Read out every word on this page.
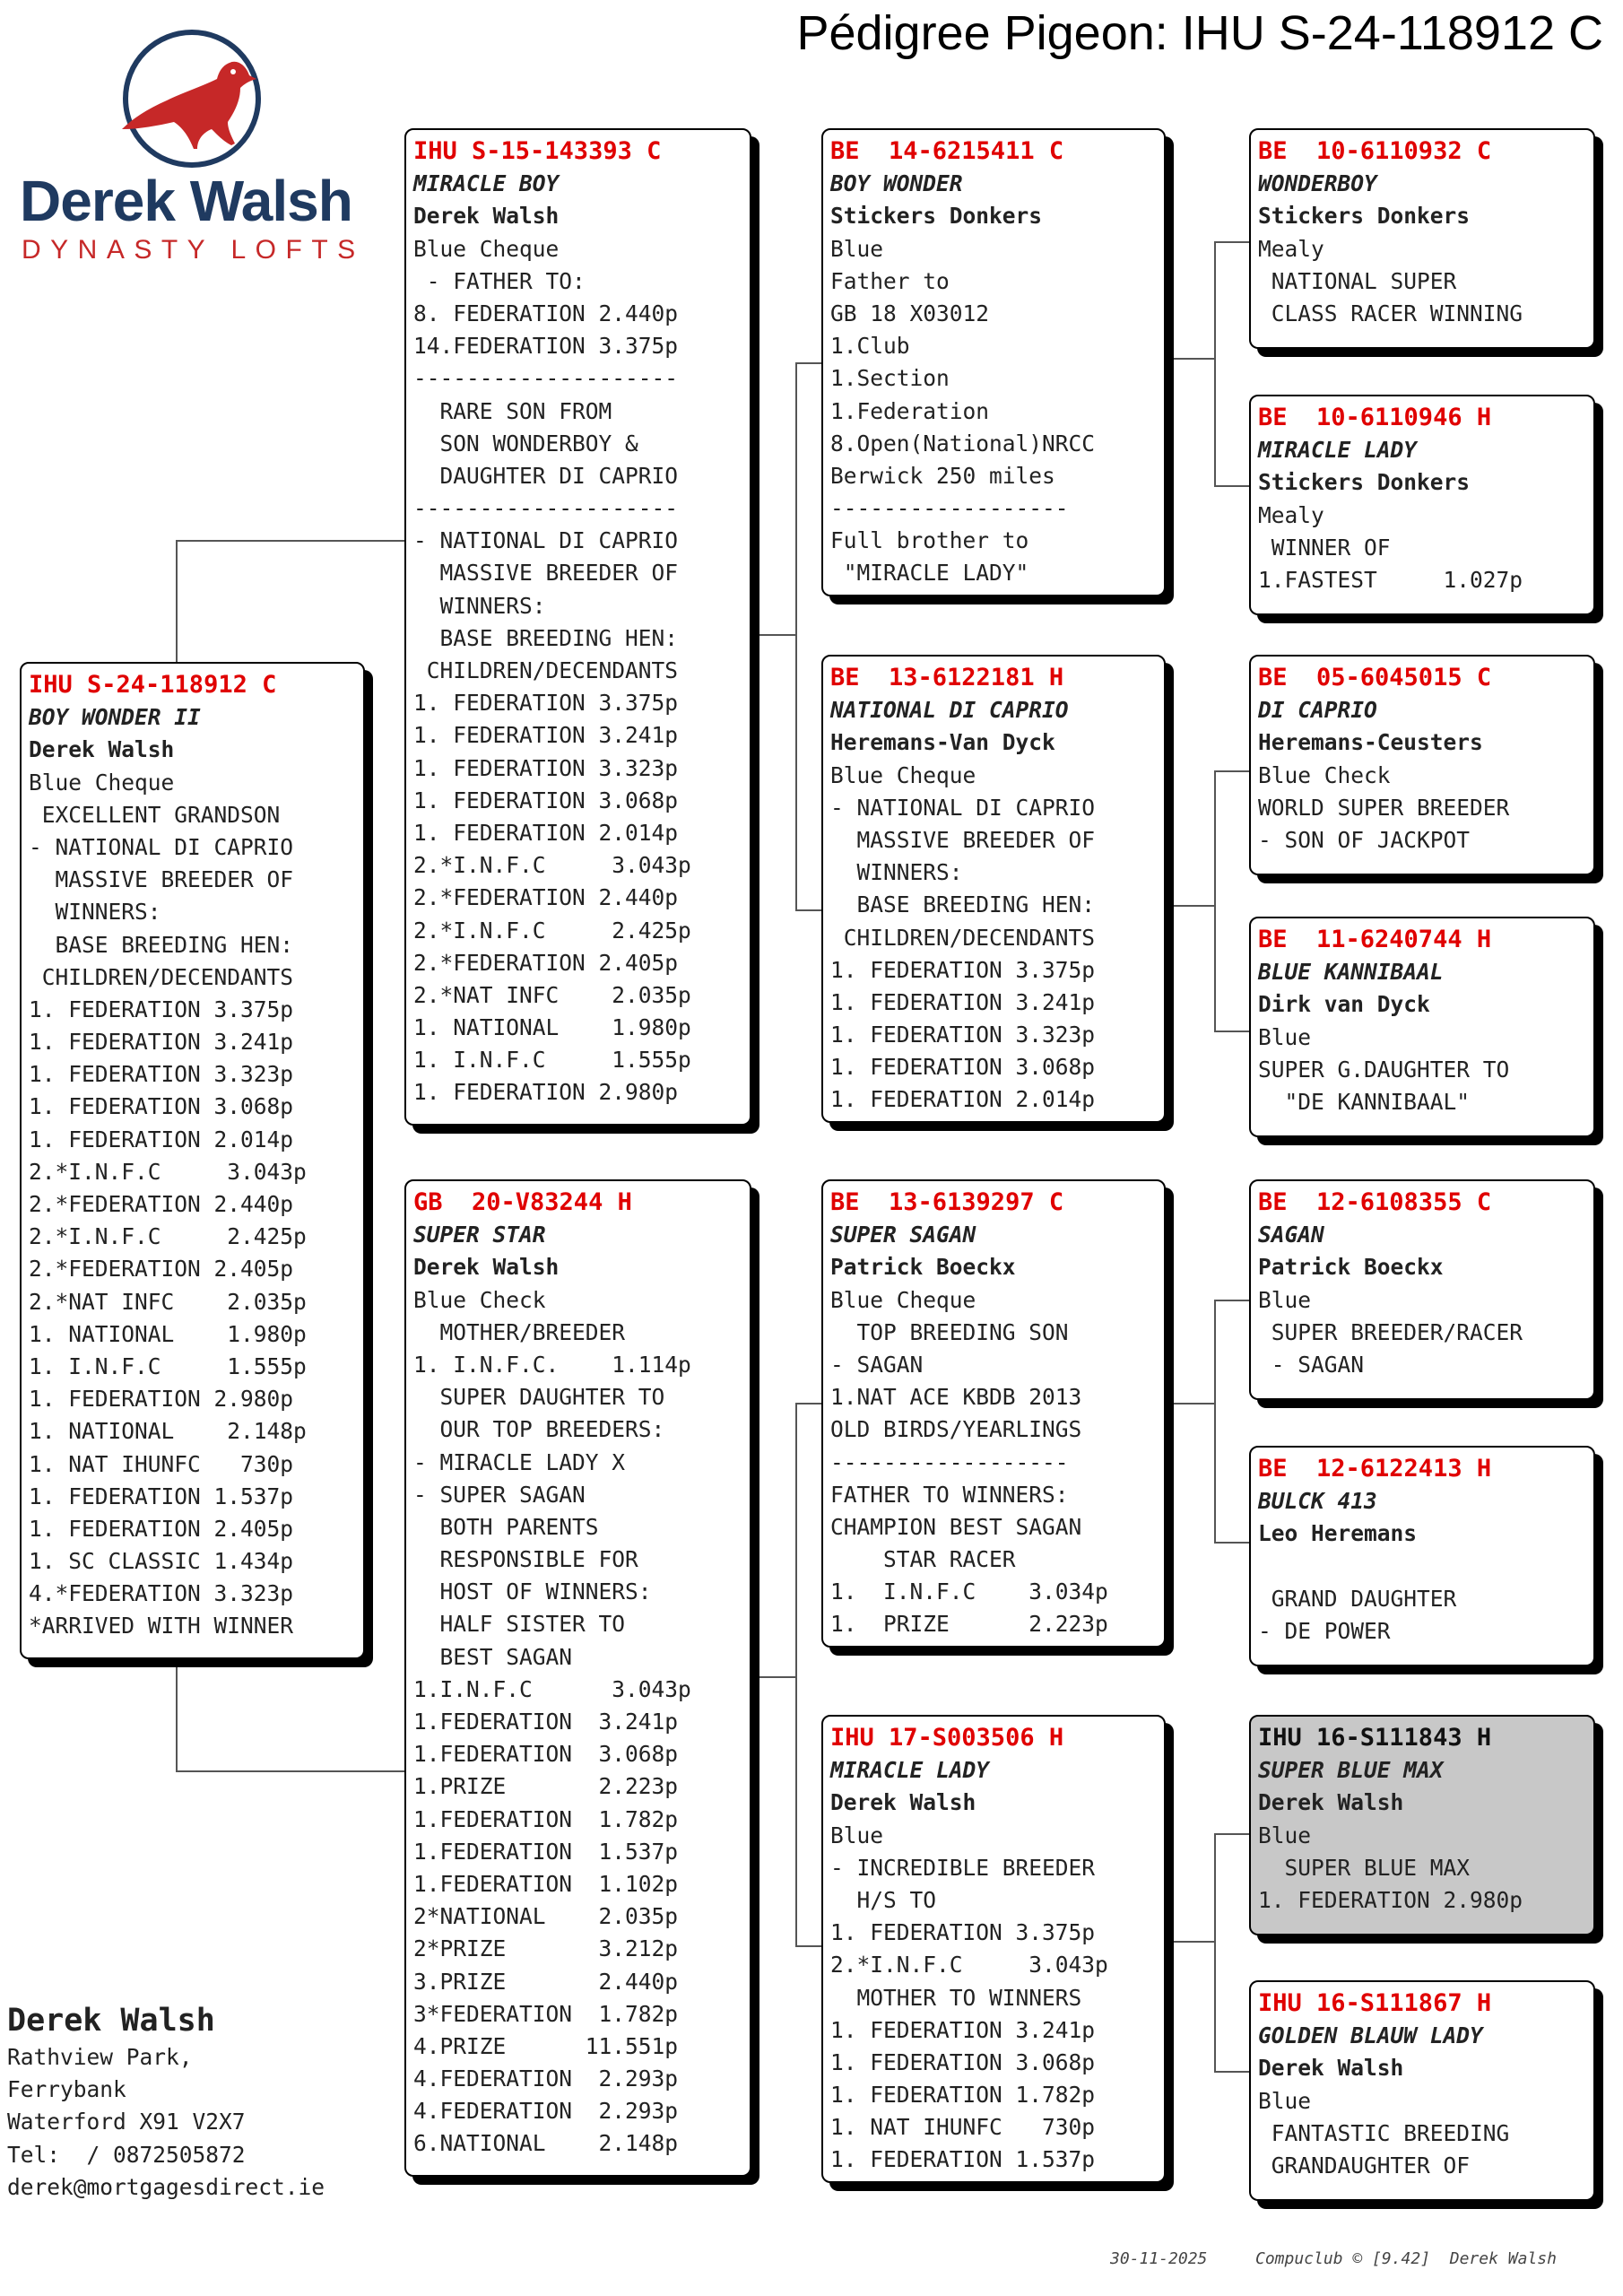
Pédigree Pigeon: IHU S-24-118912 C
Derek Walsh
DYNASTY LOFTS
IHU S-24-118912 C
BOY WONDER II
Derek Walsh
Blue Cheque
EXCELLENT GRANDSON
- NATIONAL DI CAPRIO
MASSIVE BREEDER OF
WINNERS:
BASE BREEDING HEN:
CHILDREN/DECENDANTS
1. FEDERATION 3.375p
1. FEDERATION 3.241p
1. FEDERATION 3.323p
1. FEDERATION 3.068p
1. FEDERATION 2.014p
2.*I.N.F.C     3.043p
2.*FEDERATION 2.440p
2.*I.N.F.C     2.425p
2.*FEDERATION 2.405p
2.*NAT INFC    2.035p
1. NATIONAL    1.980p
1. I.N.F.C     1.555p
1. FEDERATION 2.980p
1. NATIONAL    2.148p
1. NAT IHUNFC   730p
1. FEDERATION 1.537p
1. FEDERATION 2.405p
1. SC CLASSIC 1.434p
4.*FEDERATION 3.323p
*ARRIVED WITH WINNER
IHU S-15-143393 C
MIRACLE BOY
Derek Walsh
Blue Cheque
- FATHER TO:
8. FEDERATION 2.440p
14.FEDERATION 3.375p
--------------------
RARE SON FROM
SON WONDERBOY &
DAUGHTER DI CAPRIO
--------------------
- NATIONAL DI CAPRIO
MASSIVE BREEDER OF
WINNERS:
BASE BREEDING HEN:
CHILDREN/DECENDANTS
1. FEDERATION 3.375p
1. FEDERATION 3.241p
1. FEDERATION 3.323p
1. FEDERATION 3.068p
1. FEDERATION 2.014p
2.*I.N.F.C     3.043p
2.*FEDERATION 2.440p
2.*I.N.F.C     2.425p
2.*FEDERATION 2.405p
2.*NAT INFC    2.035p
1. NATIONAL    1.980p
1. I.N.F.C     1.555p
1. FEDERATION 2.980p
GB  20-V83244 H
SUPER STAR
Derek Walsh
Blue Check
MOTHER/BREEDER
1. I.N.F.C.    1.114p
SUPER DAUGHTER TO
OUR TOP BREEDERS:
- MIRACLE LADY X
- SUPER SAGAN
BOTH PARENTS
RESPONSIBLE FOR
HOST OF WINNERS:
HALF SISTER TO
BEST SAGAN
1.I.N.F.C      3.043p
1.FEDERATION  3.241p
1.FEDERATION  3.068p
1.PRIZE       2.223p
1.FEDERATION  1.782p
1.FEDERATION  1.537p
1.FEDERATION  1.102p
2*NATIONAL    2.035p
2*PRIZE       3.212p
3.PRIZE       2.440p
3*FEDERATION  1.782p
4.PRIZE      11.551p
4.FEDERATION  2.293p
4.FEDERATION  2.293p
6.NATIONAL    2.148p
BE  14-6215411 C
BOY WONDER
Stickers Donkers
Blue
Father to
GB 18 X03012
1.Club
1.Section
1.Federation
8.Open(National)NRCC
Berwick 250 miles
------------------
Full brother to
"MIRACLE LADY"
BE  13-6122181 H
NATIONAL DI CAPRIO
Heremans-Van Dyck
Blue Cheque
- NATIONAL DI CAPRIO
MASSIVE BREEDER OF
WINNERS:
BASE BREEDING HEN:
CHILDREN/DECENDANTS
1. FEDERATION 3.375p
1. FEDERATION 3.241p
1. FEDERATION 3.323p
1. FEDERATION 3.068p
1. FEDERATION 2.014p
BE  13-6139297 C
SUPER SAGAN
Patrick Boeckx
Blue Cheque
TOP BREEDING SON
- SAGAN
1.NAT ACE KBDB 2013
OLD BIRDS/YEARLINGS
------------------
FATHER TO WINNERS:
CHAMPION BEST SAGAN
STAR RACER
1.  I.N.F.C    3.034p
1.  PRIZE      2.223p
IHU 17-S003506 H
MIRACLE LADY
Derek Walsh
Blue
- INCREDIBLE BREEDER
H/S TO
1. FEDERATION 3.375p
2.*I.N.F.C     3.043p
MOTHER TO WINNERS
1. FEDERATION 3.241p
1. FEDERATION 3.068p
1. FEDERATION 1.782p
1. NAT IHUNFC   730p
1. FEDERATION 1.537p
BE  10-6110932 C
WONDERBOY
Stickers Donkers
Mealy
NATIONAL SUPER
CLASS RACER WINNING
BE  10-6110946 H
MIRACLE LADY
Stickers Donkers
Mealy
WINNER OF
1.FASTEST     1.027p
BE  05-6045015 C
DI CAPRIO
Heremans-Ceusters
Blue Check
WORLD SUPER BREEDER
- SON OF JACKPOT
BE  11-6240744 H
BLUE KANNIBAAL
Dirk van Dyck
Blue
SUPER G.DAUGHTER TO
"DE KANNIBAAL"
BE  12-6108355 C
SAGAN
Patrick Boeckx
Blue
SUPER BREEDER/RACER
- SAGAN
BE  12-6122413 H
BULCK 413
Leo Heremans
GRAND DAUGHTER
- DE POWER
IHU 16-S111843 H
SUPER BLUE MAX
Derek Walsh
Blue
SUPER BLUE MAX
1. FEDERATION 2.980p
IHU 16-S111867 H
GOLDEN BLAUW LADY
Derek Walsh
Blue
FANTASTIC BREEDING
GRANDAUGHTER OF
Derek Walsh
Rathview Park,
Ferrybank
Waterford X91 V2X7
Tel:  / 0872505872
derek@mortgagesdirect.ie
30-11-2025	Compuclub © [9.42]  Derek Walsh
